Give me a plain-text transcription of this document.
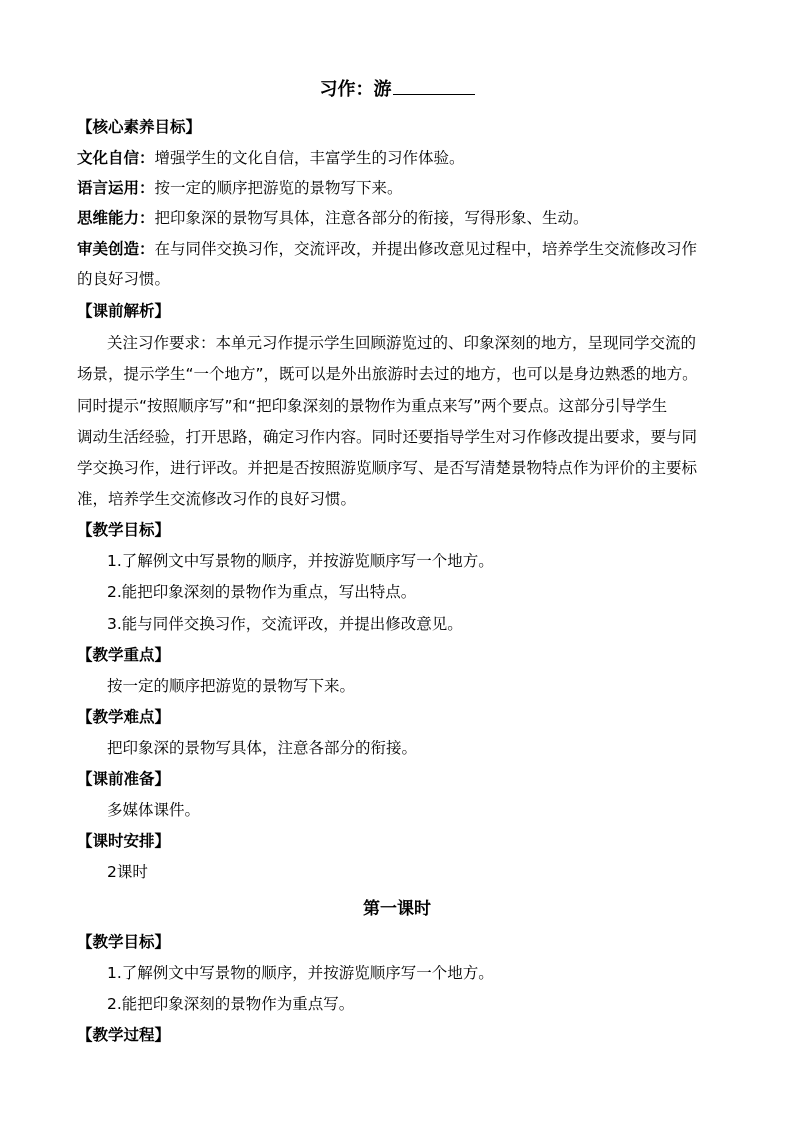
习作：游
【核心素养目标】
文化自信：增强学生的文化自信，丰富学生的习作体验。
语言运用：按一定的顺序把游览的景物写下来。
思维能力：把印象深的景物写具体，注意各部分的衔接，写得形象、生动。
审美创造：在与同伴交换习作，交流评改，并提出修改意见过程中，培养学生交流修改习作
的良好习惯。
【课前解析】
关注习作要求：本单元习作提示学生回顾游览过的、印象深刻的地方，呈现同学交流的
场景，提示学生“一个地方”，既可以是外出旅游时去过的地方，也可以是身边熟悉的地方。
同时提示“按照顺序写”和“把印象深刻的景物作为重点来写”两个要点。这部分引导学生
调动生活经验，打开思路，确定习作内容。同时还要指导学生对习作修改提出要求，要与同
学交换习作，进行评改。并把是否按照游览顺序写、是否写清楚景物特点作为评价的主要标
准，培养学生交流修改习作的良好习惯。
【教学目标】
1.了解例文中写景物的顺序，并按游览顺序写一个地方。
2.能把印象深刻的景物作为重点，写出特点。
3.能与同伴交换习作，交流评改，并提出修改意见。
【教学重点】
按一定的顺序把游览的景物写下来。
【教学难点】
把印象深的景物写具体，注意各部分的衔接。
【课前准备】
多媒体课件。
【课时安排】
2课时
第一课时
【教学目标】
1.了解例文中写景物的顺序，并按游览顺序写一个地方。
2.能把印象深刻的景物作为重点写。
【教学过程】
